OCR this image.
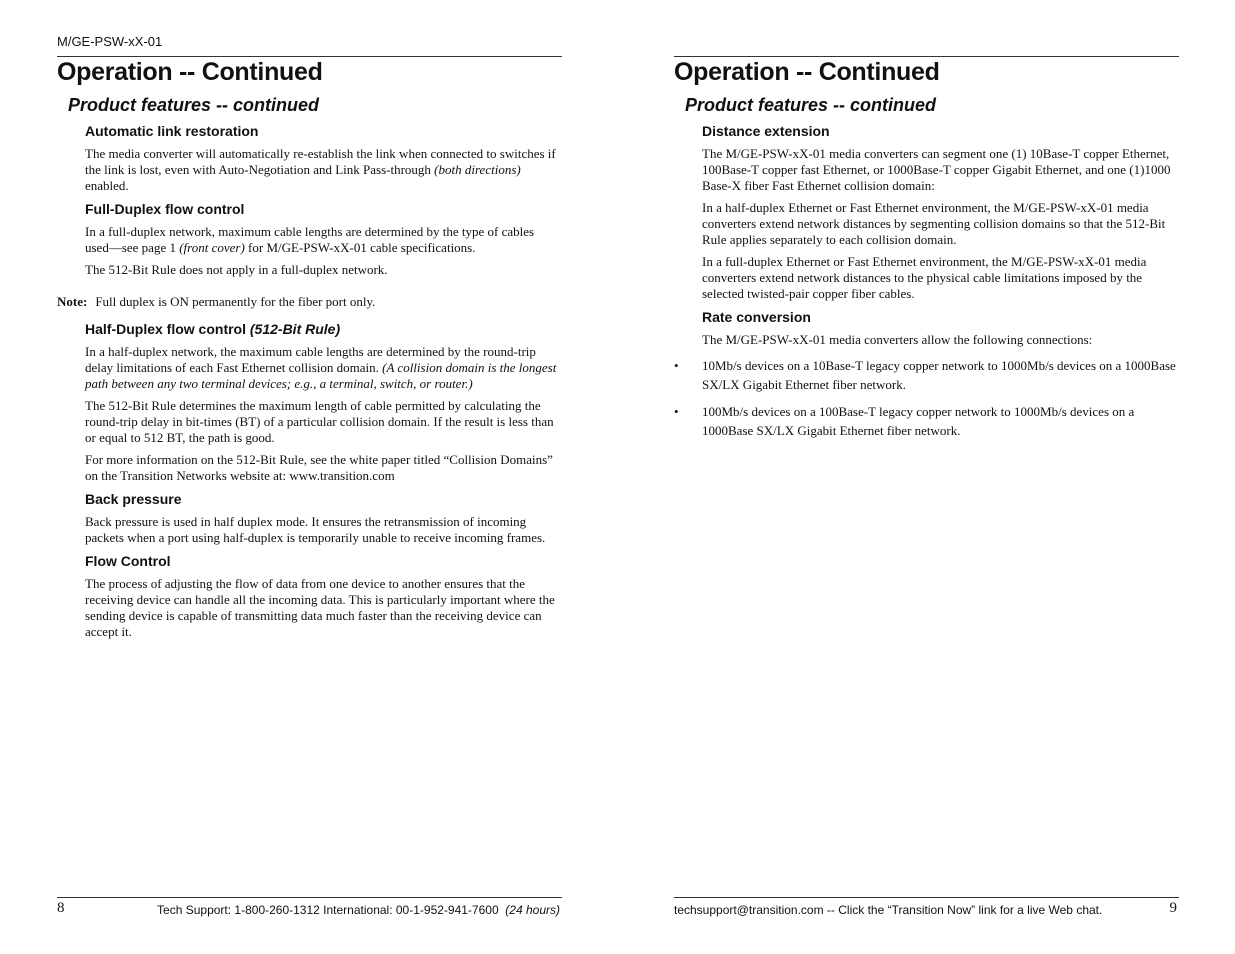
M/GE-PSW-xX-01
Operation -- Continued
Product features -- continued
Automatic link restoration

The media converter will automatically re-establish the link when connected to switches if the link is lost, even with Auto-Negotiation and Link Pass-through (both directions) enabled.

Full-Duplex flow control

In a full-duplex network, maximum cable lengths are determined by the type of cables used—see page 1 (front cover) for M/GE-PSW-xX-01 cable specifications.

The 512-Bit Rule does not apply in a full-duplex network.

Note: Full duplex is ON permanently for the fiber port only.
Half-Duplex flow control (512-Bit Rule)

In a half-duplex network, the maximum cable lengths are determined by the round-trip delay limitations of each Fast Ethernet collision domain. (A collision domain is the longest path between any two terminal devices; e.g., a terminal, switch, or router.)

The 512-Bit Rule determines the maximum length of cable permitted by calculating the round-trip delay in bit-times (BT) of a particular collision domain. If the result is less than or equal to 512 BT, the path is good.

For more information on the 512-Bit Rule, see the white paper titled “Collision Domains” on the Transition Networks website at: www.transition.com

Back pressure

Back pressure is used in half duplex mode. It ensures the retransmission of incoming packets when a port using half-duplex is temporarily unable to receive incoming frames.

Flow Control

The process of adjusting the flow of data from one device to another ensures that the receiving device can handle all the incoming data. This is particularly important where the sending device is capable of transmitting data much faster than the receiving device can accept it.

8	Tech Support: 1-800-260-1312 International: 00-1-952-941-7600 (24 hours)
Operation -- Continued
Product features -- continued
Distance extension

The M/GE-PSW-xX-01 media converters can segment one (1) 10Base-T copper Ethernet, 100Base-T copper fast Ethernet, or 1000Base-T copper Gigabit Ethernet, and one (1)1000 Base-X fiber Fast Ethernet collision domain:

In a half-duplex Ethernet or Fast Ethernet environment, the M/GE-PSW-xX-01 media converters extend network distances by segmenting collision domains so that the 512-Bit Rule applies separately to each collision domain.

In a full-duplex Ethernet or Fast Ethernet environment, the M/GE-PSW-xX-01 media converters extend network distances to the physical cable limitations imposed by the selected twisted-pair copper fiber cables.

Rate conversion

The M/GE-PSW-xX-01 media converters allow the following connections:

• 10Mb/s devices on a 10Base-T legacy copper network to 1000Mb/s devices on a 1000Base SX/LX Gigabit Ethernet fiber network.
• 100Mb/s devices on a 100Base-T legacy copper network to 1000Mb/s devices on a 1000Base SX/LX Gigabit Ethernet fiber network.
techsupport@transition.com -- Click the “Transition Now” link for a live Web chat.	9
